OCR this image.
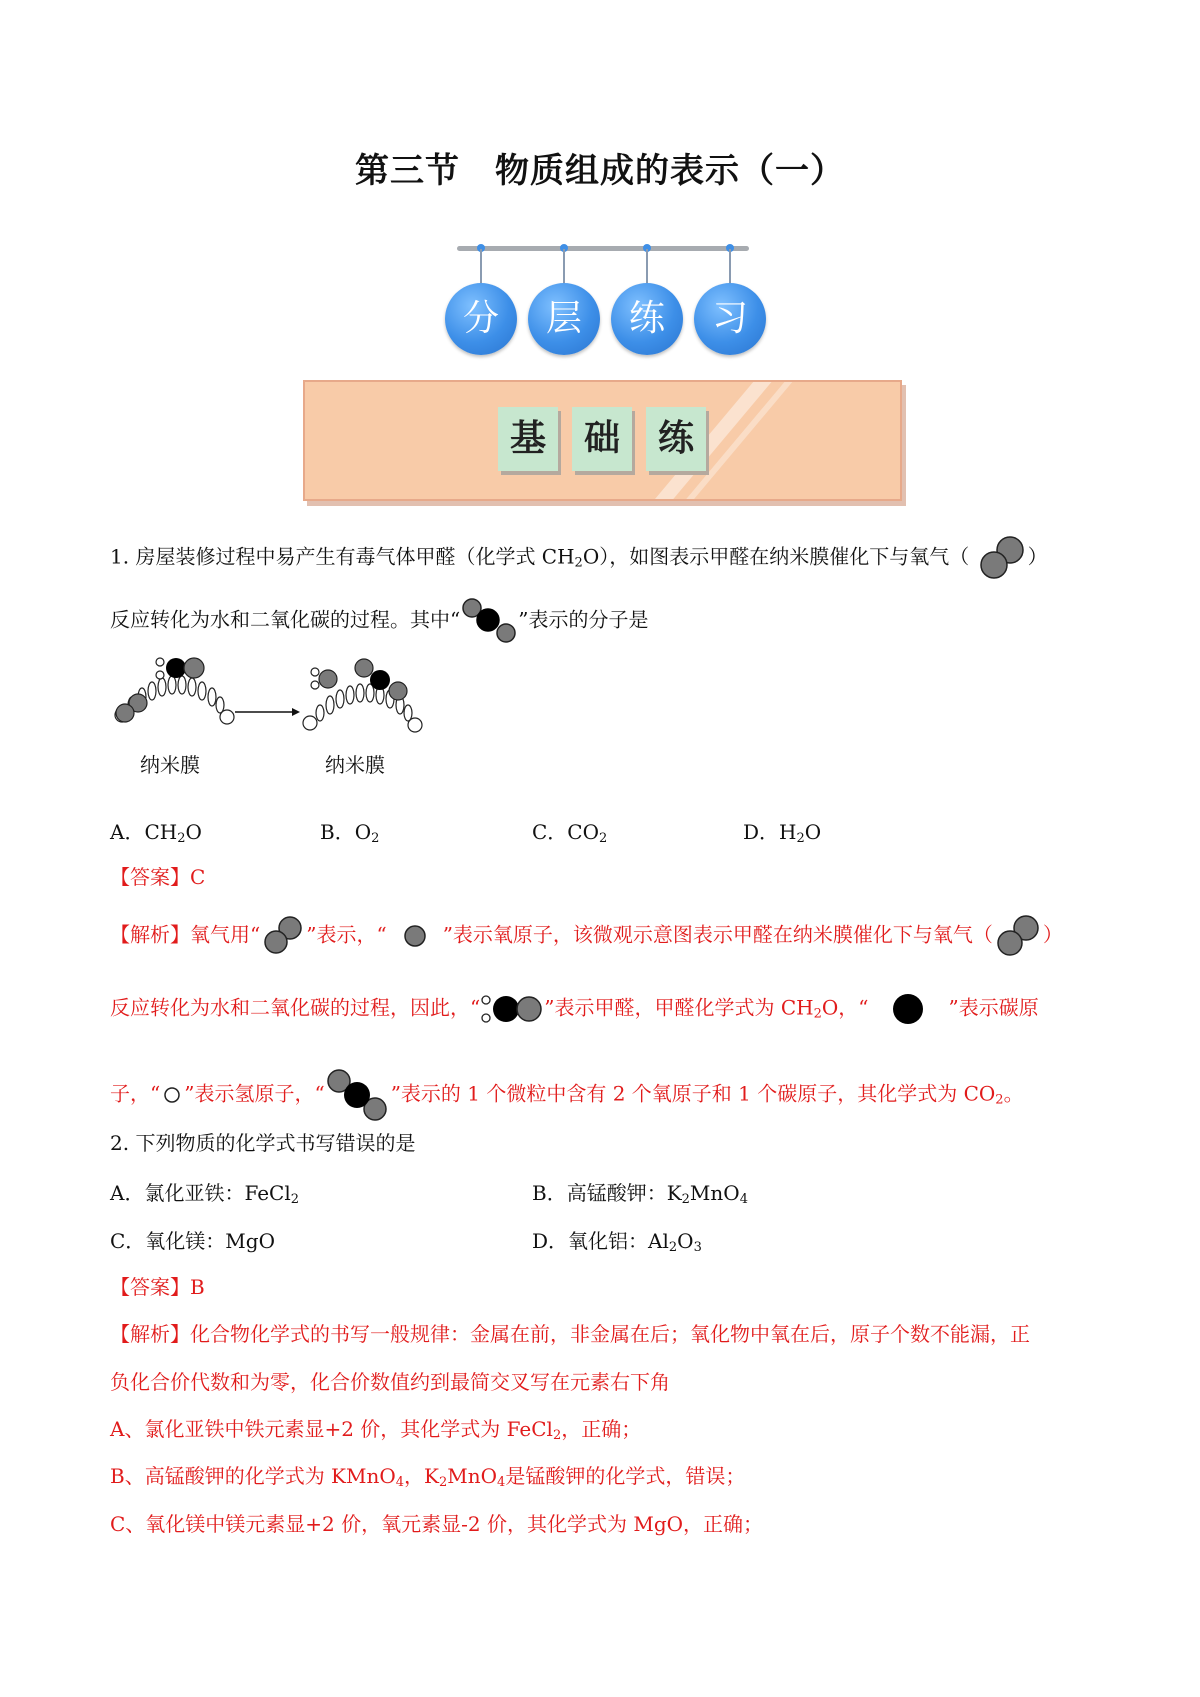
第三节　物质组成的表示（一）
分	层	练	习
基	础	练
1. 房屋装修过程中易产生有毒气体甲醛（化学式 $CH_2O$），如图表示甲醛在纳米膜催化下与氧气（	）
反应转化为水和二氧化碳的过程。其中“	”表示的分子是
纳米膜	纳米膜
A．$CH_2O$	B．$O_2$	C．$CO_2$	D．$H_2O$
【答案】C
【解析】氧气用“ ”表示，“	”表示氧原子，该微观示意图表示甲醛在纳米膜催化下与氧气（	）
反应转化为水和二氧化碳的过程，因此，“	”表示甲醛，甲醛化学式为 $CH_2O$，“	”表示碳原
子，“ ”表示氢原子，“	”表示的 1 个微粒中含有 2 个氧原子和 1 个碳原子，其化学式为 $CO_2$。
2. 下列物质的化学式书写错误的是
A．氯化亚铁：FeCl$_2$	B．高锰酸钾：$K_2MnO_4$
C．氧化镁：MgO	D．氧化铝：$Al_2O_3$
【答案】B
【解析】化合物化学式的书写一般规律：金属在前，非金属在后；氧化物中氧在后，原子个数不能漏，正
负化合价代数和为零，化合价数值约到最简交叉写在元素右下角
A、氯化亚铁中铁元素显+2 价，其化学式为 FeCl$_2$，正确；
B、高锰酸钾的化学式为 KMnO$_4$，$K_2MnO_4$是锰酸钾的化学式，错误；
C、氧化镁中镁元素显+2 价，氧元素显-2 价，其化学式为 MgO，正确；
